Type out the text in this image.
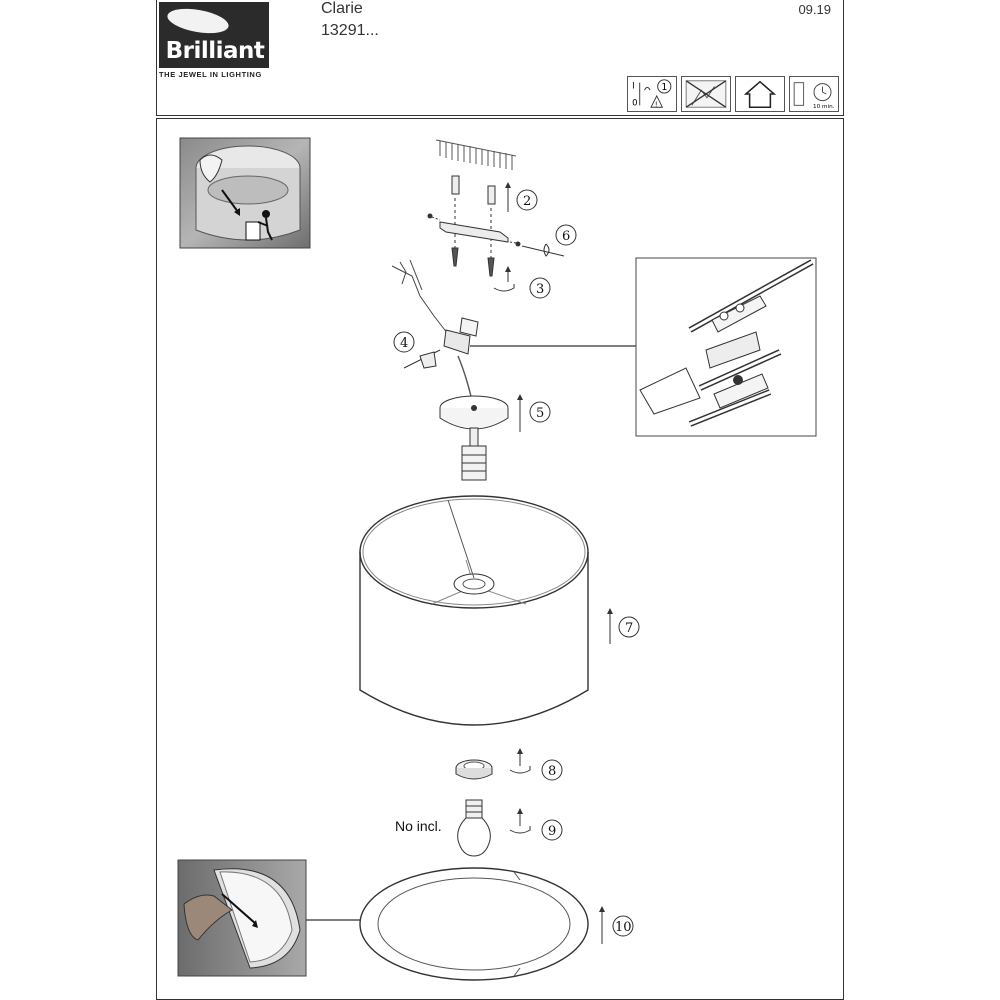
Brilliant
THE JEWEL IN LIGHTING
Clarie
13291...
09.19
I
0
1
!	10 min.
2
6
3
4
5
7
8
9
10
No incl.
